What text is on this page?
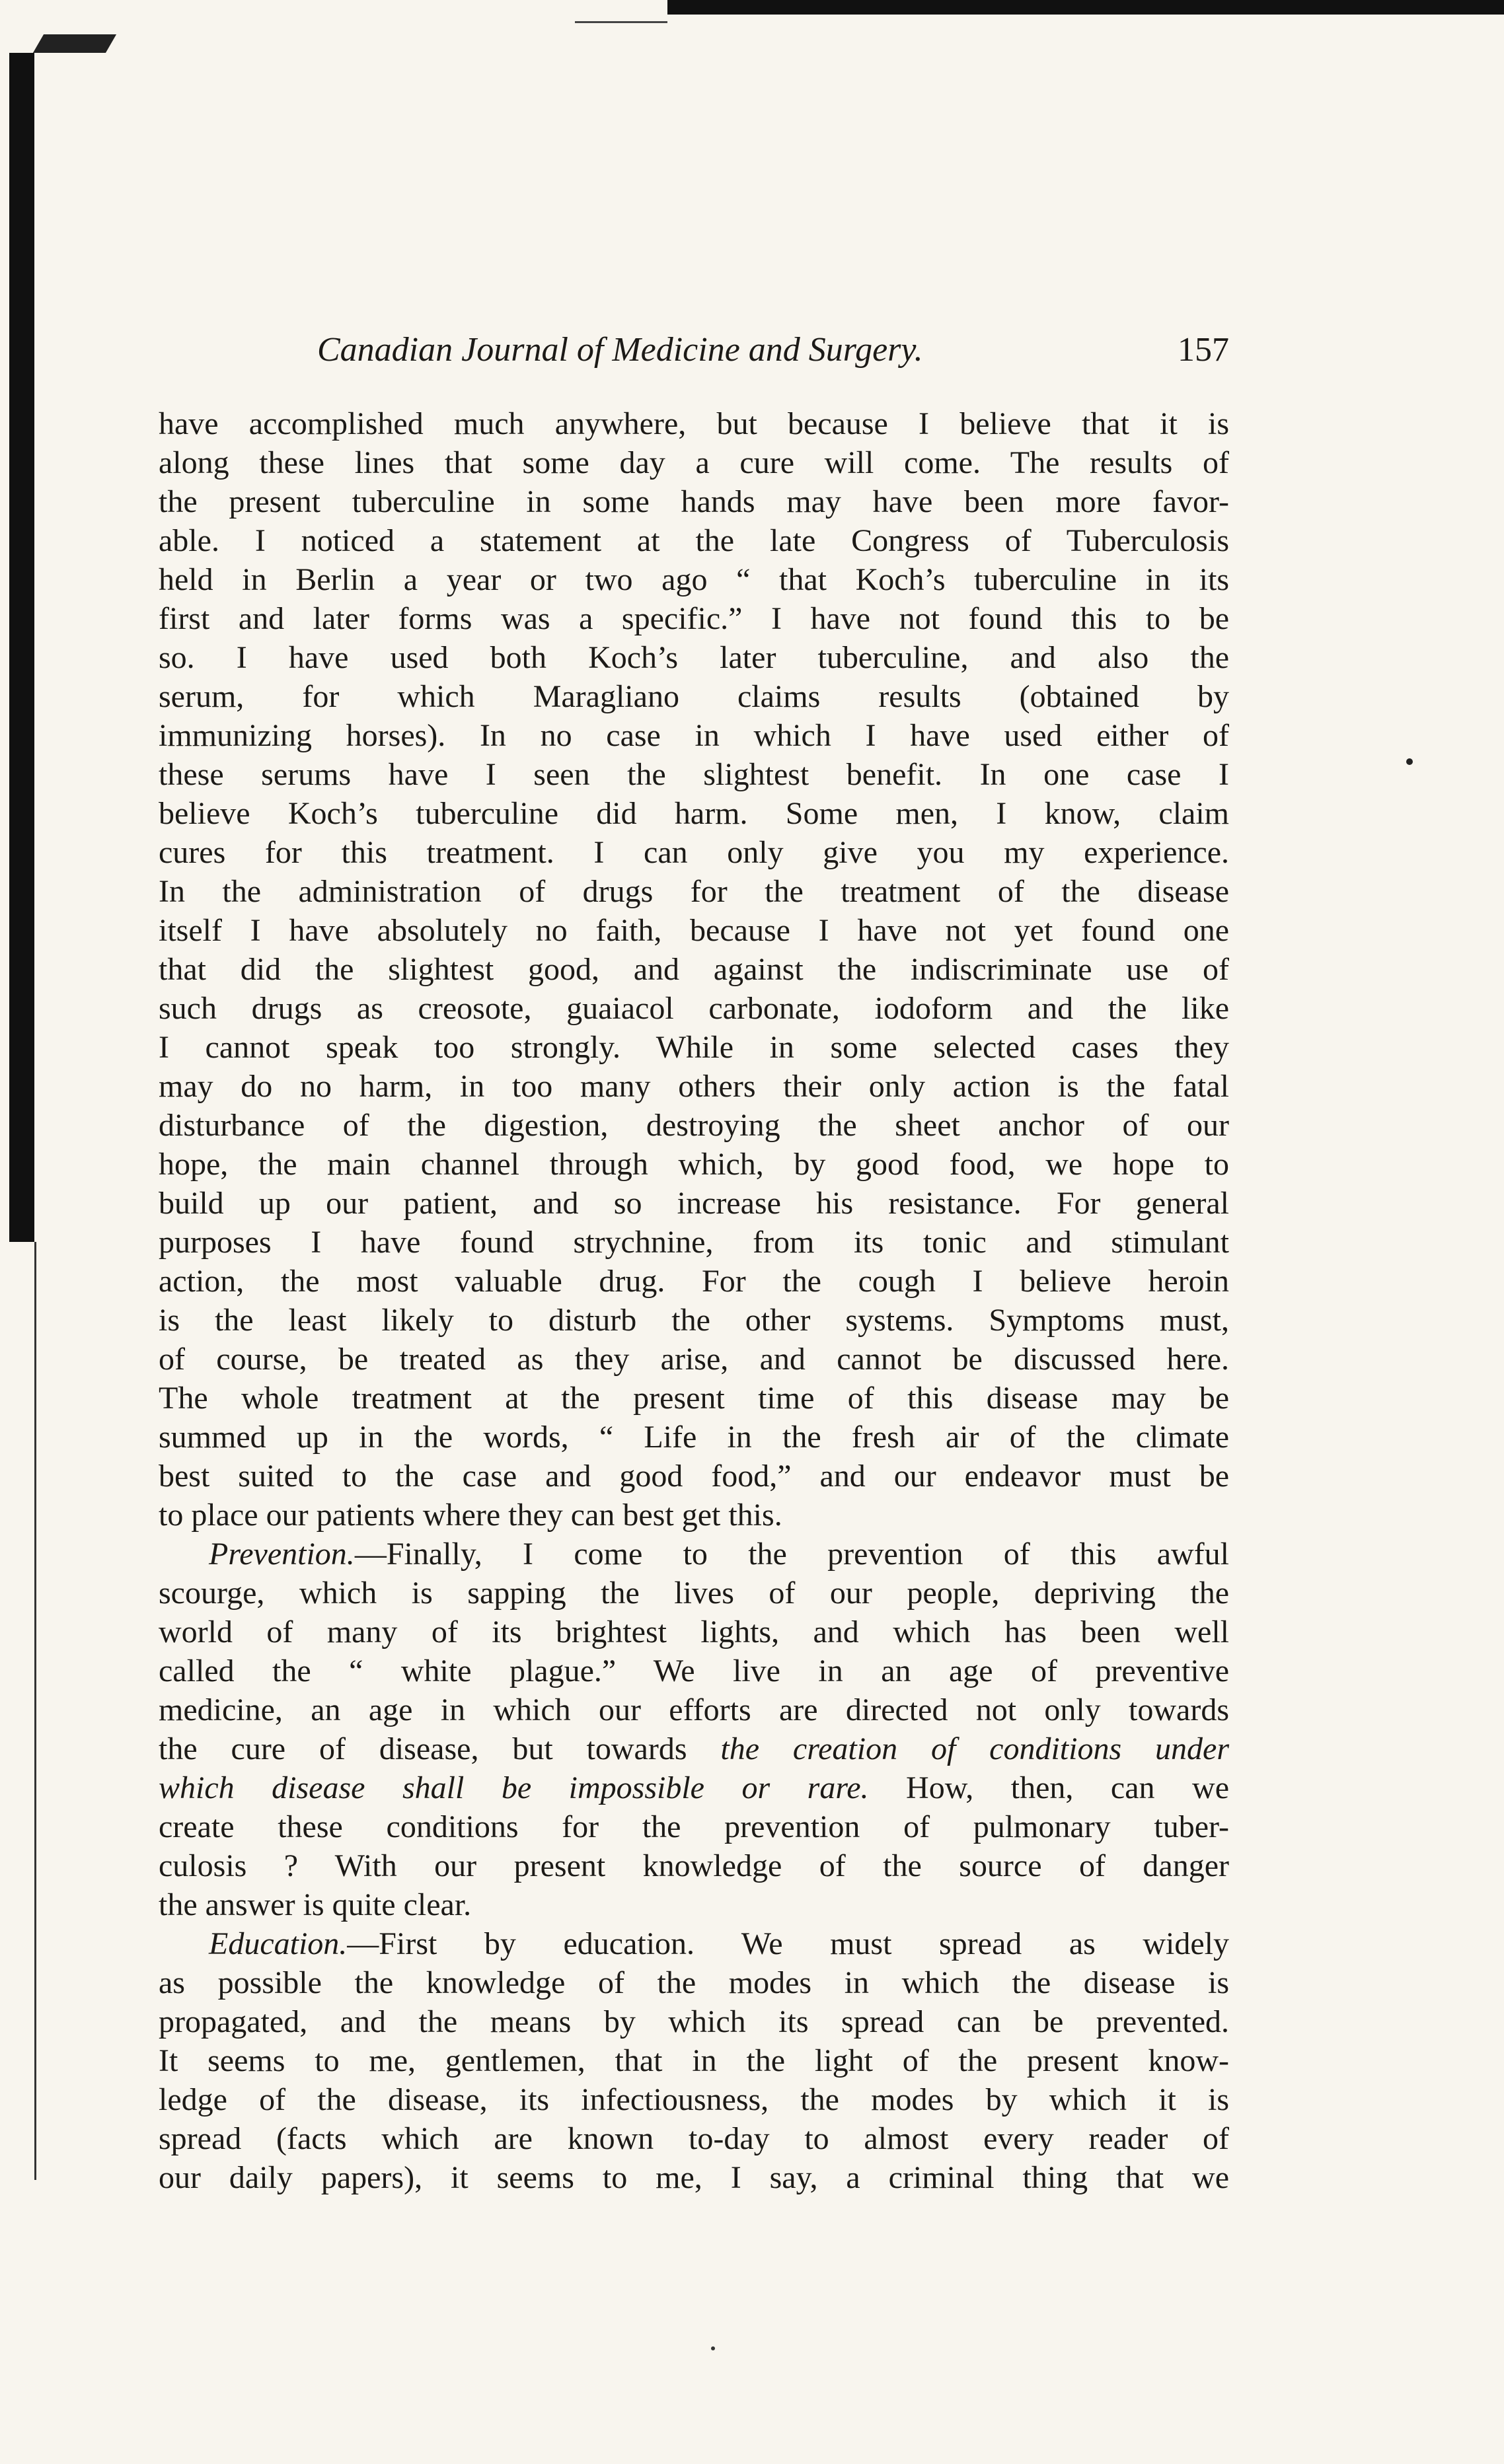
Canadian Journal of Medicine and Surgery.	157
have accomplished much anywhere, but because I believe that it is
along these lines that some day a cure will come. The results of
the present tuberculine in some hands may have been more favor-
able. I noticed a statement at the late Congress of Tuberculosis
held in Berlin a year or two ago “ that Koch’s tuberculine in its
first and later forms was a specific.” I have not found this to be
so. I have used both Koch’s later tuberculine, and also the
serum, for which Maragliano claims results (obtained by
immunizing horses). In no case in which I have used either of
these serums have I seen the slightest benefit. In one case I
believe Koch’s tuberculine did harm. Some men, I know, claim
cures for this treatment. I can only give you my experience.
In the administration of drugs for the treatment of the disease
itself I have absolutely no faith, because I have not yet found one
that did the slightest good, and against the indiscriminate use of
such drugs as creosote, guaiacol carbonate, iodoform and the like
I cannot speak too strongly. While in some selected cases they
may do no harm, in too many others their only action is the fatal
disturbance of the digestion, destroying the sheet anchor of our
hope, the main channel through which, by good food, we hope to
build up our patient, and so increase his resistance. For general
purposes I have found strychnine, from its tonic and stimulant
action, the most valuable drug. For the cough I believe heroin
is the least likely to disturb the other systems. Symptoms must,
of course, be treated as they arise, and cannot be discussed here.
The whole treatment at the present time of this disease may be
summed up in the words, “ Life in the fresh air of the climate
best suited to the case and good food,” and our endeavor must be
to place our patients where they can best get this.
Prevention.—Finally, I come to the prevention of this awful
scourge, which is sapping the lives of our people, depriving the
world of many of its brightest lights, and which has been well
called the “ white plague.” We live in an age of preventive
medicine, an age in which our efforts are directed not only towards
the cure of disease, but towards the creation of conditions under
which disease shall be impossible or rare. How, then, can we
create these conditions for the prevention of pulmonary tuber-
culosis ? With our present knowledge of the source of danger
the answer is quite clear.
Education.—First by education. We must spread as widely
as possible the knowledge of the modes in which the disease is
propagated, and the means by which its spread can be prevented.
It seems to me, gentlemen, that in the light of the present know-
ledge of the disease, its infectiousness, the modes by which it is
spread (facts which are known to-day to almost every reader of
our daily papers), it seems to me, I say, a criminal thing that we
